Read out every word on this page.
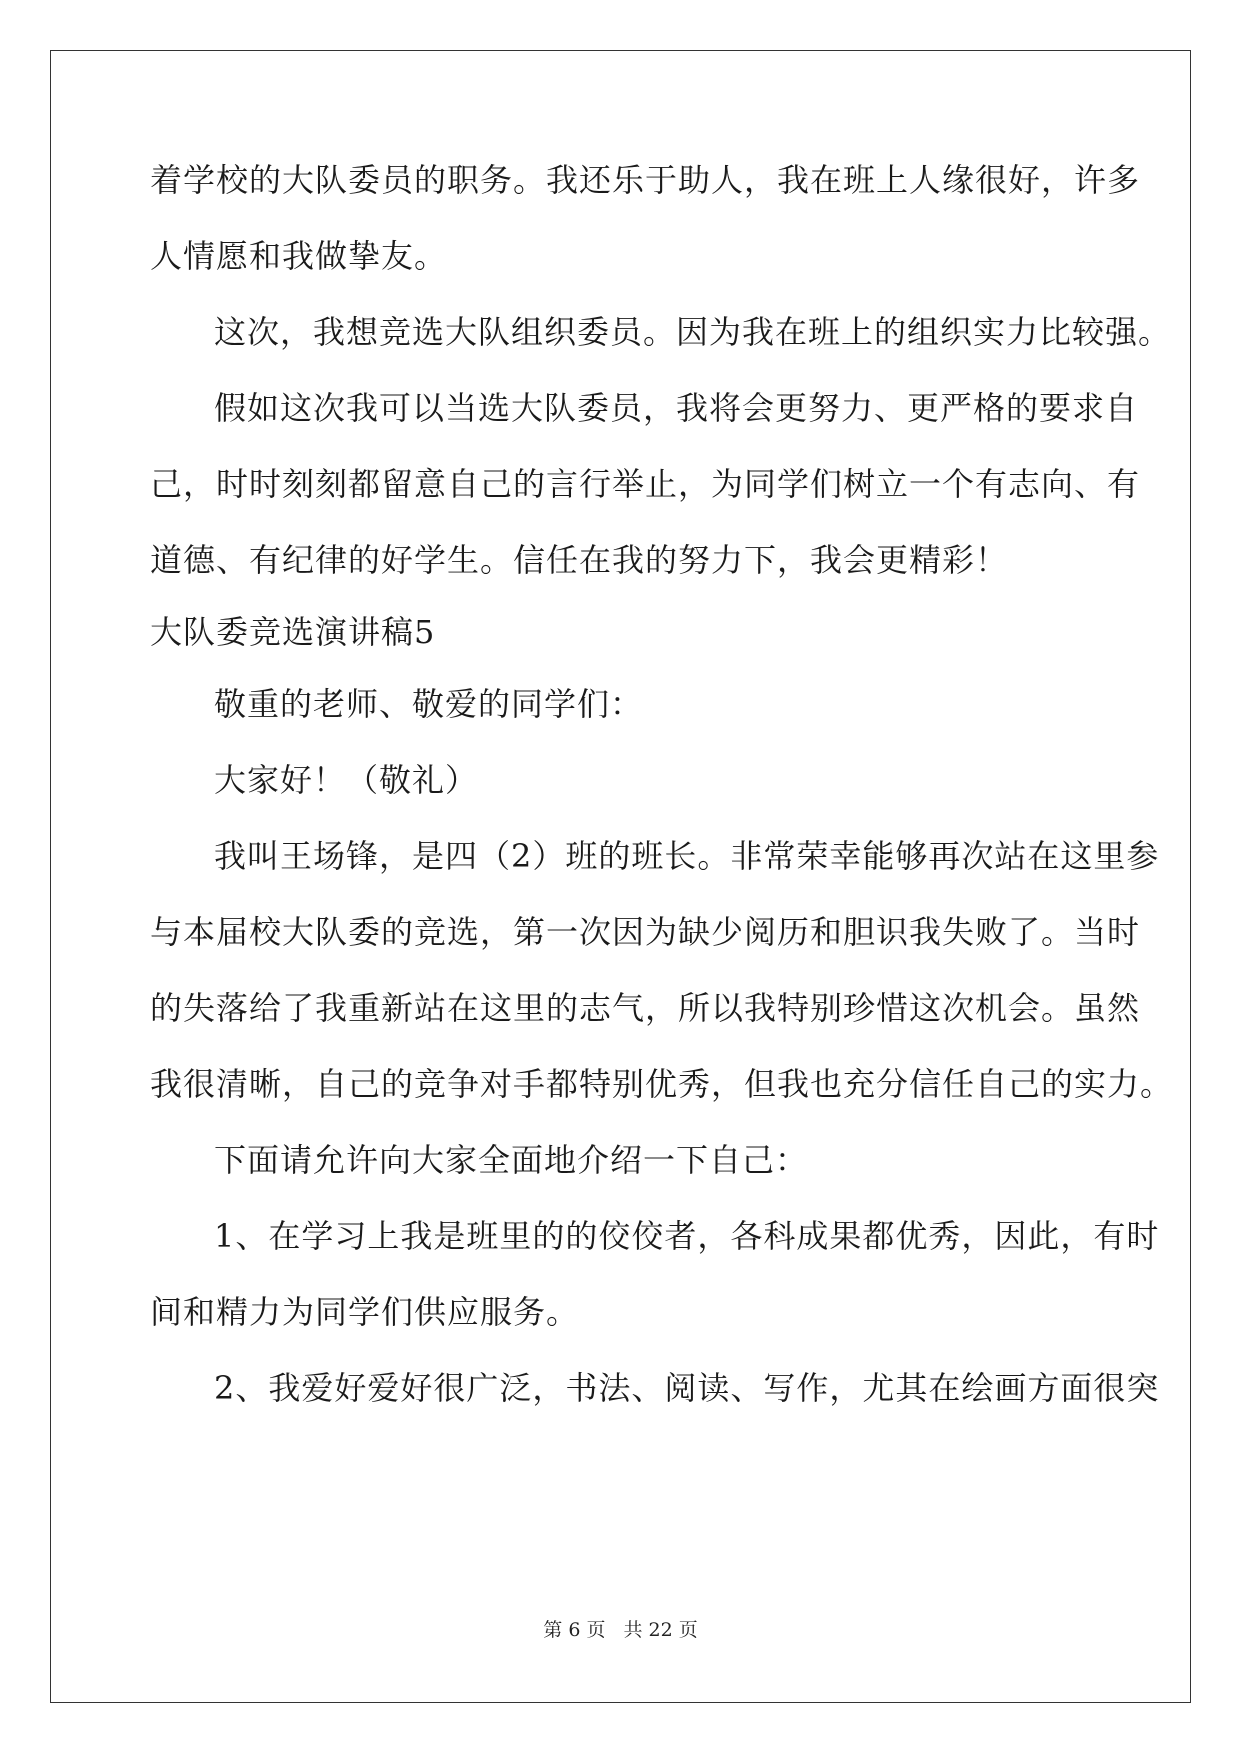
着学校的大队委员的职务。我还乐于助人，我在班上人缘很好，许多
人情愿和我做挚友。
这次，我想竞选大队组织委员。因为我在班上的组织实力比较强。
假如这次我可以当选大队委员，我将会更努力、更严格的要求自
己，时时刻刻都留意自己的言行举止，为同学们树立一个有志向、有
道德、有纪律的好学生。信任在我的努力下，我会更精彩！
大队委竞选演讲稿5
敬重的老师、敬爱的同学们：
大家好！（敬礼）
我叫王场锋，是四（2）班的班长。非常荣幸能够再次站在这里参
与本届校大队委的竞选，第一次因为缺少阅历和胆识我失败了。当时
的失落给了我重新站在这里的志气，所以我特别珍惜这次机会。虽然
我很清晰，自己的竞争对手都特别优秀，但我也充分信任自己的实力。
下面请允许向大家全面地介绍一下自己：
1、在学习上我是班里的的佼佼者，各科成果都优秀，因此，有时
间和精力为同学们供应服务。
2、我爱好爱好很广泛，书法、阅读、写作，尤其在绘画方面很突
第 6 页 共 22 页
